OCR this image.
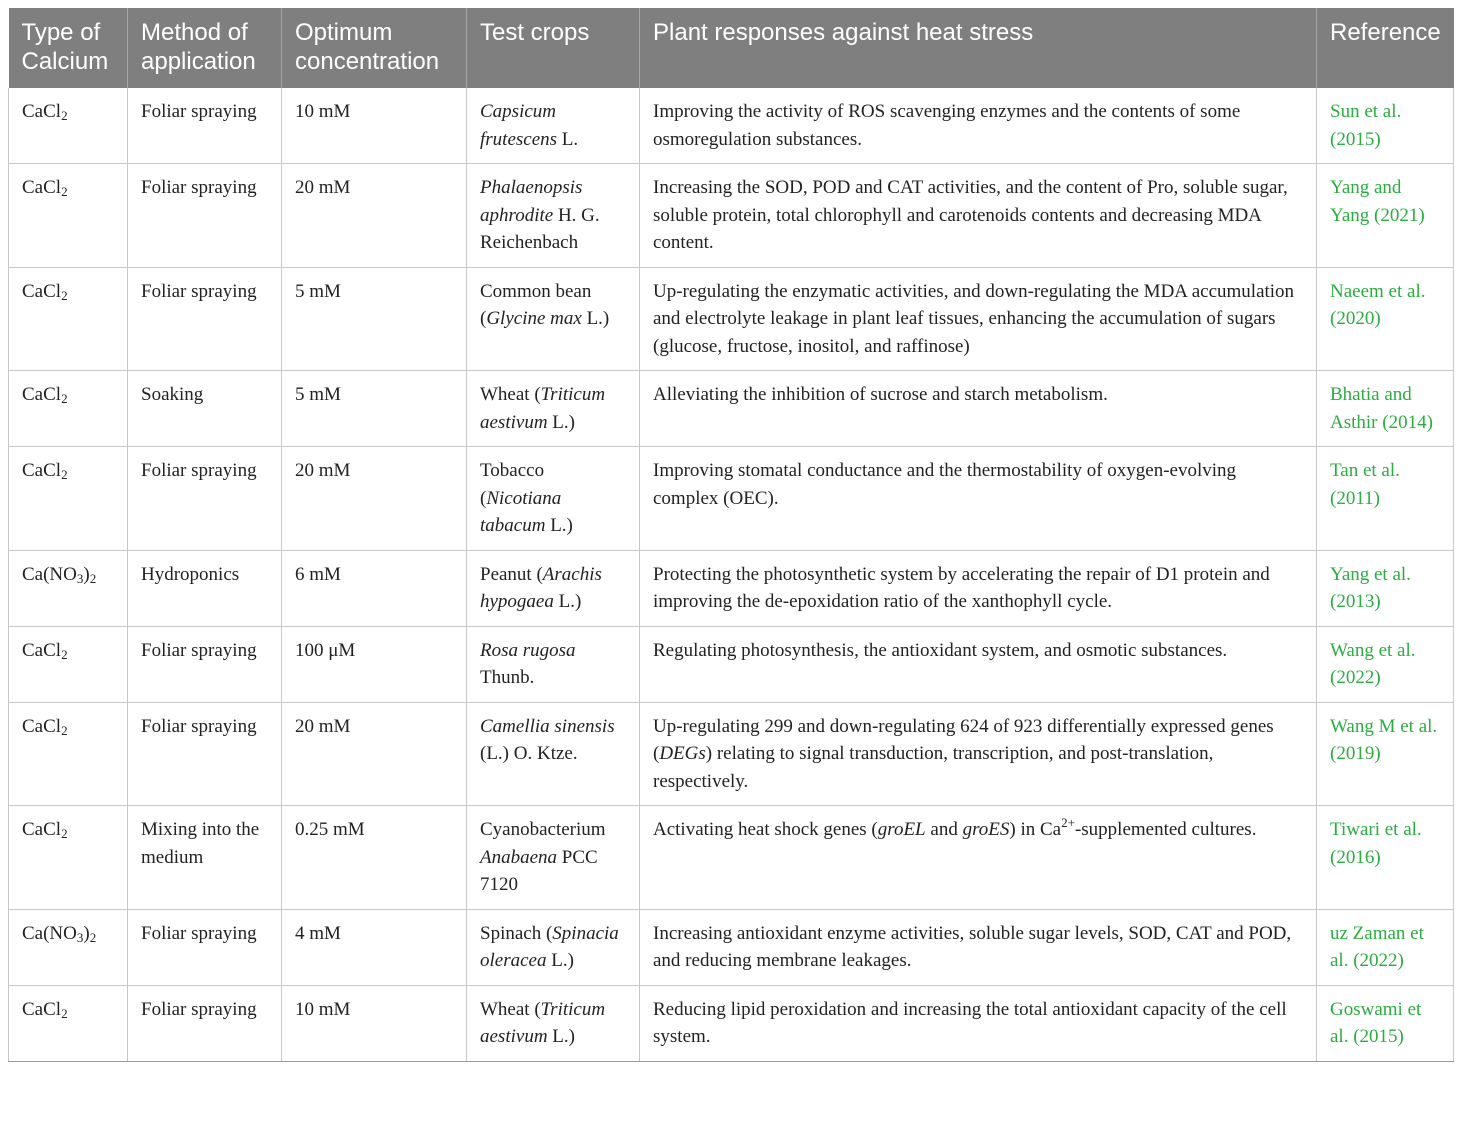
Type of Calcium	Method of application	Optimum concentration	Test crops	Plant responses against heat stress	Reference
CaCl$_2$	Foliar spraying	10 mM	Capsicum frutescens L.	Improving the activity of ROS scavenging enzymes and the contents of some osmoregulation substances.	Sun et al. (2015)
CaCl$_2$	Foliar spraying	20 mM	Phalaenopsis aphrodite H. G. Reichenbach	Increasing the SOD, POD and CAT activities, and the content of Pro, soluble sugar, soluble protein, total chlorophyll and carotenoids contents and decreasing MDA content.	Yang and Yang (2021)
CaCl$_2$	Foliar spraying	5 mM	Common bean (Glycine max L.)	Up-regulating the enzymatic activities, and down-regulating the MDA accumulation and electrolyte leakage in plant leaf tissues, enhancing the accumulation of sugars (glucose, fructose, inositol, and raffinose)	Naeem et al. (2020)
CaCl$_2$	Soaking	5 mM	Wheat (Triticum aestivum L.)	Alleviating the inhibition of sucrose and starch metabolism.	Bhatia and Asthir (2014)
CaCl$_2$	Foliar spraying	20 mM	Tobacco (Nicotiana tabacum L.)	Improving stomatal conductance and the thermostability of oxygen-evolving complex (OEC).	Tan et al. (2011)
$Ca(NO_3)_2$	Hydroponics	6 mM	Peanut (Arachis hypogaea L.)	Protecting the photosynthetic system by accelerating the repair of D1 protein and improving the de-epoxidation ratio of the xanthophyll cycle.	Yang et al. (2013)
CaCl$_2$	Foliar spraying	100 μM	Rosa rugosa Thunb.	Regulating photosynthesis, the antioxidant system, and osmotic substances.	Wang et al. (2022)
CaCl$_2$	Foliar spraying	20 mM	Camellia sinensis (L.) O. Ktze.	Up-regulating 299 and down-regulating 624 of 923 differentially expressed genes (DEGs) relating to signal transduction, transcription, and post-translation, respectively.	Wang M et al. (2019)
CaCl$_2$	Mixing into the medium	0.25 mM	Cyanobacterium Anabaena PCC 7120	Activating heat shock genes (groEL and groES) in $Ca^{2+}$-supplemented cultures.	Tiwari et al. (2016)
$Ca(NO_3)_2$	Foliar spraying	4 mM	Spinach (Spinacia oleracea L.)	Increasing antioxidant enzyme activities, soluble sugar levels, SOD, CAT and POD, and reducing membrane leakages.	uz Zaman et al. (2022)
CaCl$_2$	Foliar spraying	10 mM	Wheat (Triticum aestivum L.)	Reducing lipid peroxidation and increasing the total antioxidant capacity of the cell system.	Goswami et al. (2015)
